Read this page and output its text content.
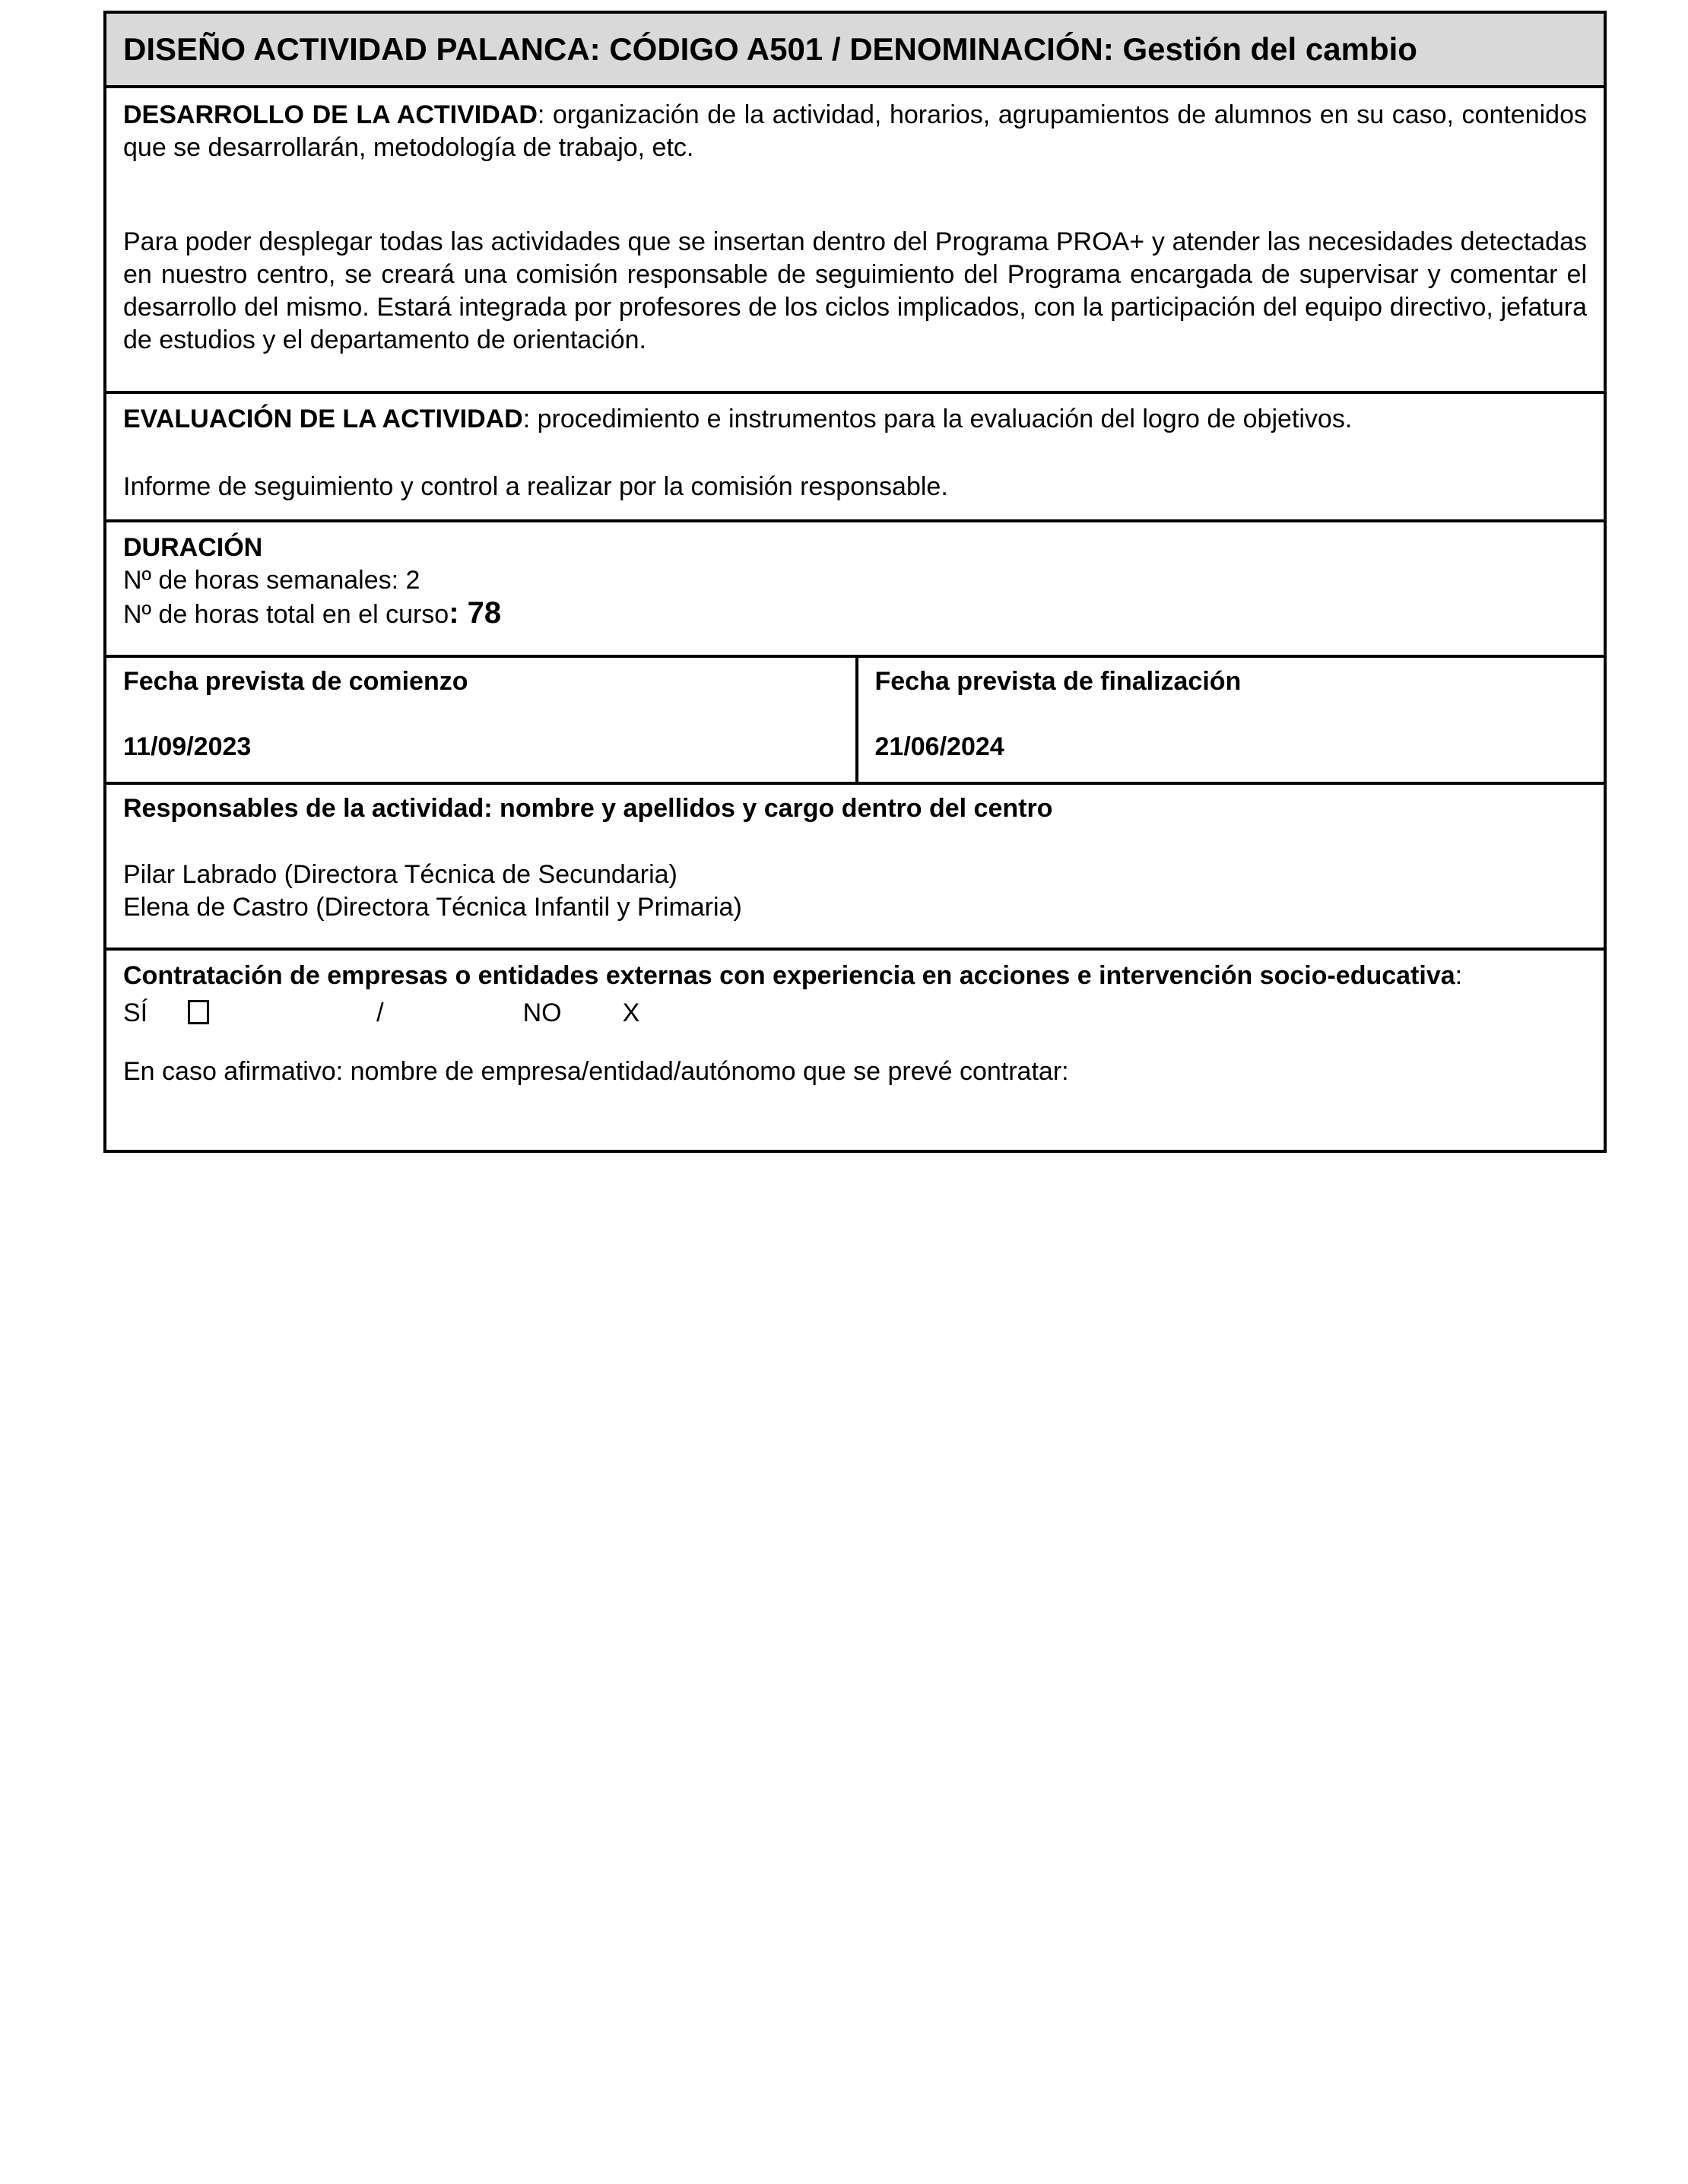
DISEÑO ACTIVIDAD PALANCA: CÓDIGO A501 / DENOMINACIÓN: Gestión del cambio

DESARROLLO DE LA ACTIVIDAD: organización de la actividad, horarios, agrupamientos de alumnos en su caso, contenidos que se desarrollarán, metodología de trabajo, etc.

Para poder desplegar todas las actividades que se insertan dentro del Programa PROA+ y atender las necesidades detectadas en nuestro centro, se creará una comisión responsable de seguimiento del Programa encargada de supervisar y comentar el desarrollo del mismo. Estará integrada por profesores de los ciclos implicados, con la participación del equipo directivo, jefatura de estudios y el departamento de orientación.

EVALUACIÓN DE LA ACTIVIDAD: procedimiento e instrumentos para la evaluación del logro de objetivos.

Informe de seguimiento y control a realizar por la comisión responsable.

DURACIÓN

Nº de horas semanales: 2

Nº de horas total en el curso: 78

Fecha prevista de comienzo

11/09/2023

Fecha prevista de finalización

21/06/2024

Responsables de la actividad: nombre y apellidos y cargo dentro del centro

Pilar Labrado (Directora Técnica de Secundaria)

Elena de Castro (Directora Técnica Infantil y Primaria)

Contratación de empresas o entidades externas con experiencia en acciones e intervención socio-educativa:

SÍ	/	NO X

En caso afirmativo: nombre de empresa/entidad/autónomo que se prevé contratar:
